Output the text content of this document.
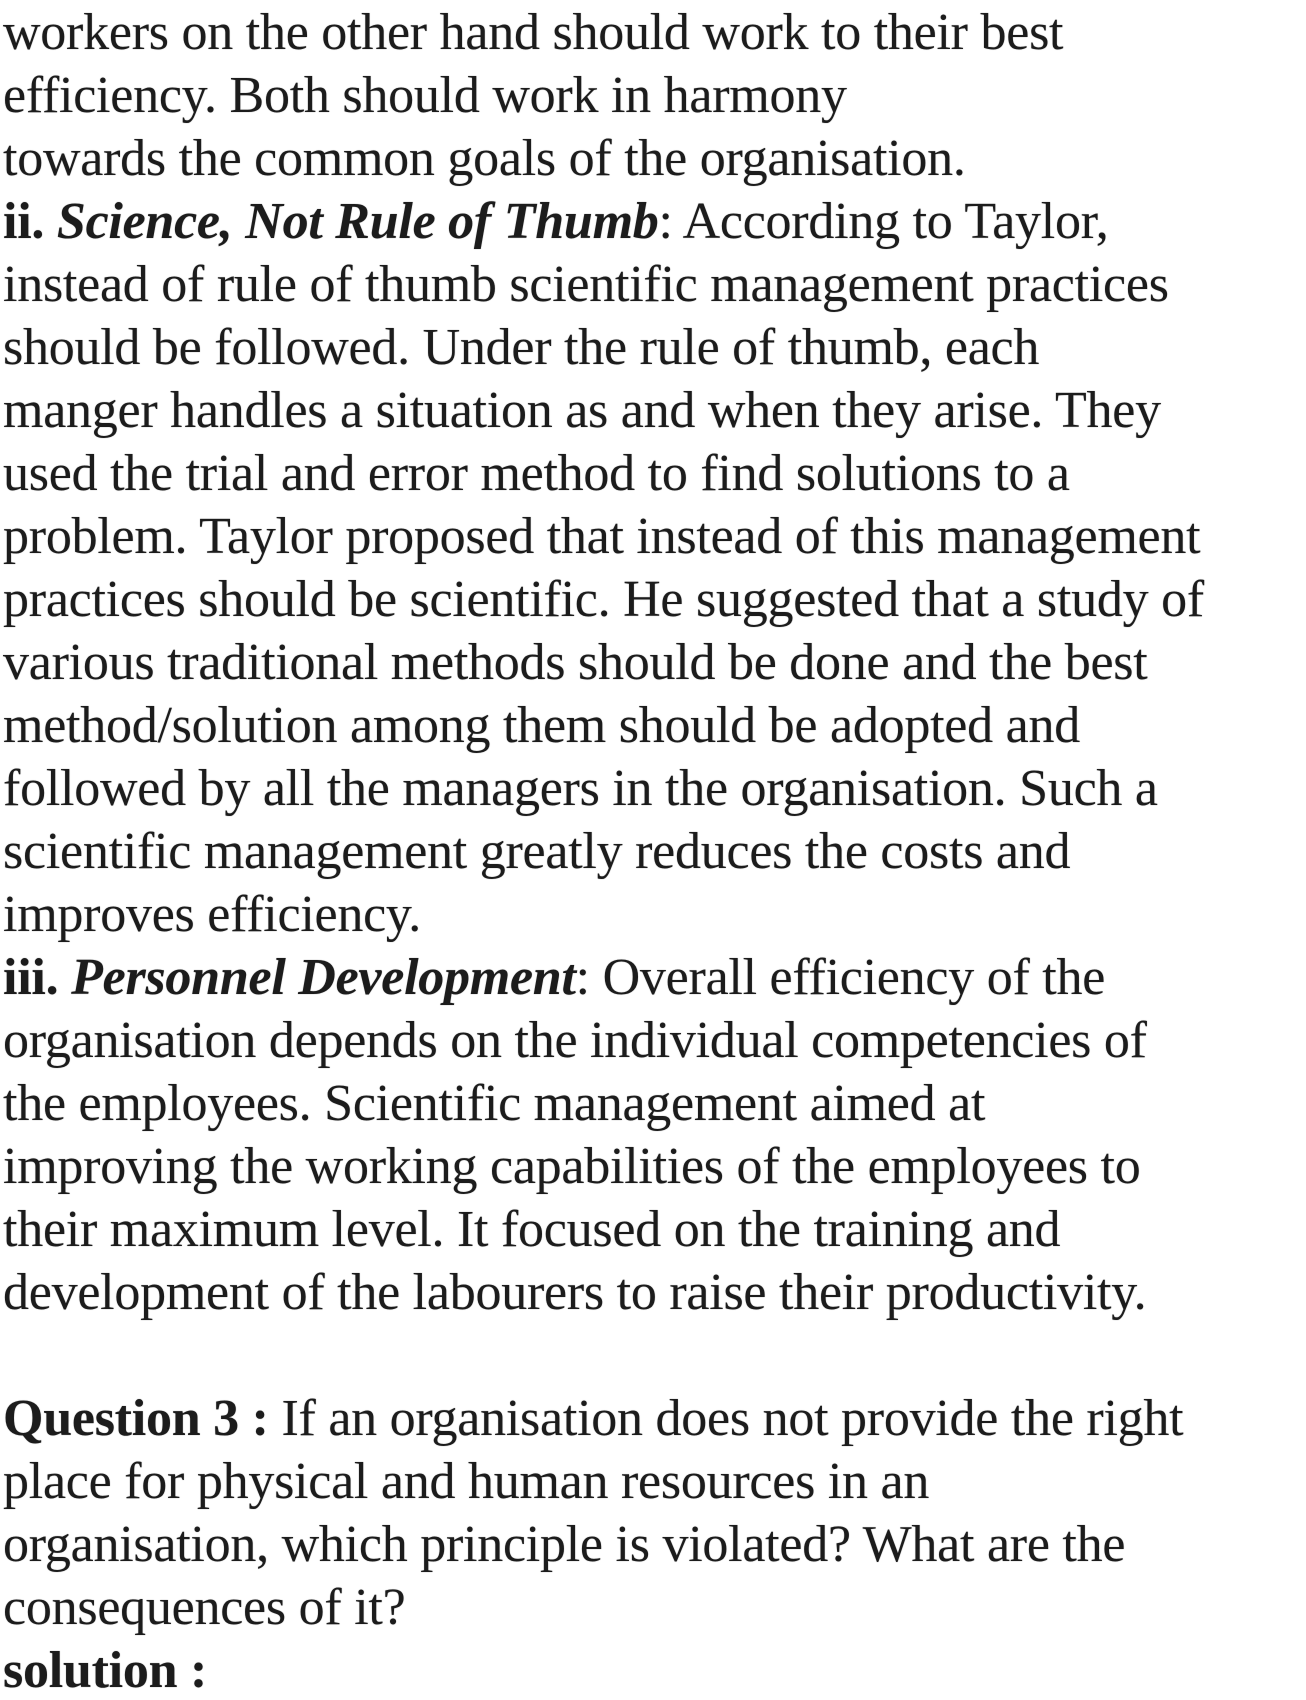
workers on the other hand should work to their best
efficiency. Both should work in harmony
towards the common goals of the organisation.
ii. Science, Not Rule of Thumb: According to Taylor,
instead of rule of thumb scientific management practices
should be followed. Under the rule of thumb, each
manger handles a situation as and when they arise. They
used the trial and error method to find solutions to a
problem. Taylor proposed that instead of this management
practices should be scientific. He suggested that a study of
various traditional methods should be done and the best
method/solution among them should be adopted and
followed by all the managers in the organisation. Such a
scientific management greatly reduces the costs and
improves efficiency.
iii. Personnel Development: Overall efficiency of the
organisation depends on the individual competencies of
the employees. Scientific management aimed at
improving the working capabilities of the employees to
their maximum level. It focused on the training and
development of the labourers to raise their productivity.
Question 3 : If an organisation does not provide the right
place for physical and human resources in an
organisation, which principle is violated? What are the
consequences of it?
solution :
